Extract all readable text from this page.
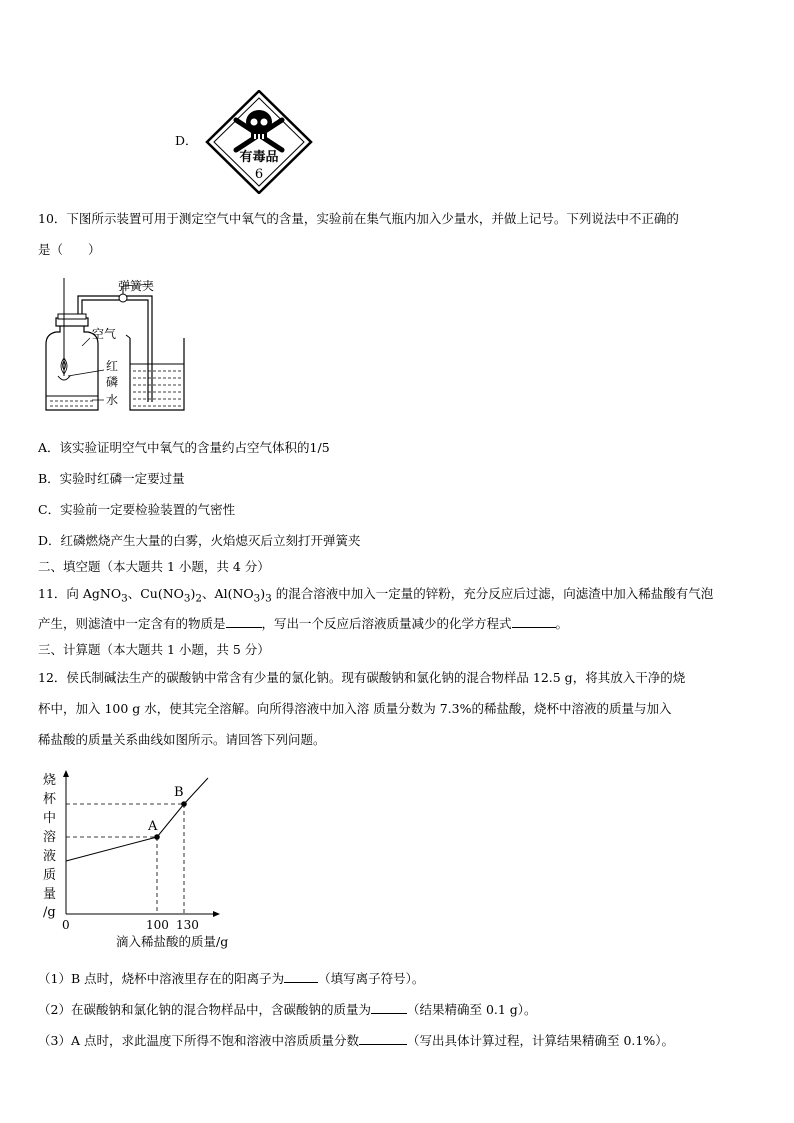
D．
有毒品
6
10．下图所示装置可用于测定空气中氧气的含量，实验前在集气瓶内加入少量水，并做上记号。下列说法中不正确的
是（　　）
弹簧夹
空气
红
磷
水
A．该实验证明空气中氧气的含量约占空气体积的1/5
B．实验时红磷一定要过量
C．实验前一定要检验装置的气密性
D．红磷燃烧产生大量的白雾，火焰熄灭后立刻打开弹簧夹
二、填空题（本大题共 1 小题，共 4 分）
11．向 AgNO$_3$、$Cu(NO_3)_2$、$Al(NO_3)_3$ 的混合溶液中加入一定量的锌粉，充分反应后过滤，向滤渣中加入稀盐酸有气泡
产生，则滤渣中一定含有的物质是	，写出一个反应后溶液质量减少的化学方程式	。
三、计算题（本大题共 1 小题，共 5 分）
12．侯氏制碱法生产的碳酸钠中常含有少量的氯化钠。现有碳酸钠和氯化钠的混合物样品 12.5 g，将其放入干净的烧
杯中，加入 100 g 水，使其完全溶解。向所得溶液中加入溶 质量分数为 7.3%的稀盐酸，烧杯中溶液的质量与加入
稀盐酸的质量关系曲线如图所示。请回答下列问题。
烧
杯
中
溶
液
质
量
/g
A
B
0	100 130
滴入稀盐酸的质量/g
（1）B 点时，烧杯中溶液里存在的阳离子为	（填写离子符号）。
（2）在碳酸钠和氯化钠的混合物样品中，含碳酸钠的质量为	（结果精确至 0.1 g）。
（3）A 点时，求此温度下所得不饱和溶液中溶质质量分数	（写出具体计算过程，计算结果精确至 0.1%）。
